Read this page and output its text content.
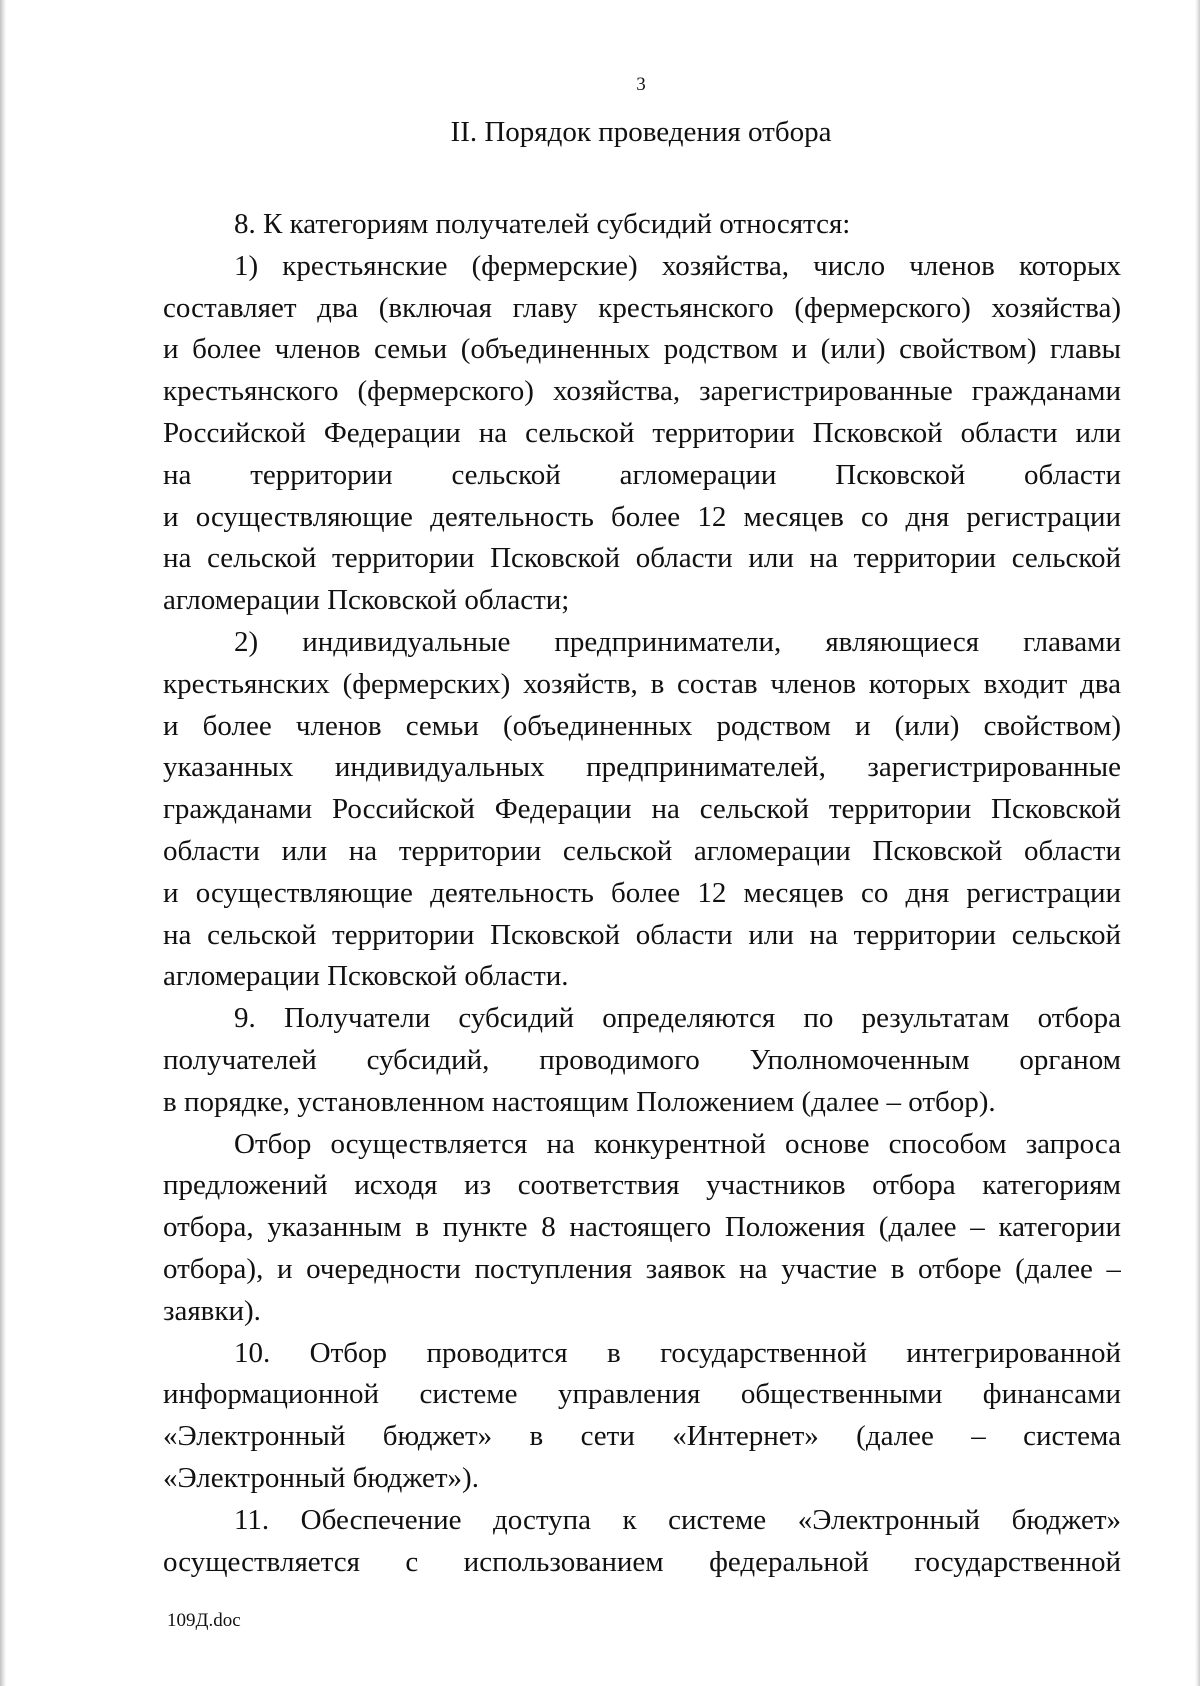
3
II. Порядок проведения отбора
8. К категориям получателей субсидий относятся:
1) крестьянские (фермерские) хозяйства, число членов которых
составляет два (включая главу крестьянского (фермерского) хозяйства)
и более членов семьи (объединенных родством и (или) свойством) главы
крестьянского (фермерского) хозяйства, зарегистрированные гражданами
Российской Федерации на сельской территории Псковской области или
на территории сельской агломерации Псковской области
и осуществляющие деятельность более 12 месяцев со дня регистрации
на сельской территории Псковской области или на территории сельской
агломерации Псковской области;
2) индивидуальные предприниматели, являющиеся главами
крестьянских (фермерских) хозяйств, в состав членов которых входит два
и более членов семьи (объединенных родством и (или) свойством)
указанных индивидуальных предпринимателей, зарегистрированные
гражданами Российской Федерации на сельской территории Псковской
области или на территории сельской агломерации Псковской области
и осуществляющие деятельность более 12 месяцев со дня регистрации
на сельской территории Псковской области или на территории сельской
агломерации Псковской области.
9. Получатели субсидий определяются по результатам отбора
получателей субсидий, проводимого Уполномоченным органом
в порядке, установленном настоящим Положением (далее – отбор).
Отбор осуществляется на конкурентной основе способом запроса
предложений исходя из соответствия участников отбора категориям
отбора, указанным в пункте 8 настоящего Положения (далее – категории
отбора), и очередности поступления заявок на участие в отборе (далее –
заявки).
10. Отбор проводится в государственной интегрированной
информационной системе управления общественными финансами
«Электронный бюджет» в сети «Интернет» (далее – система
«Электронный бюджет»).
11. Обеспечение доступа к системе «Электронный бюджет»
осуществляется с использованием федеральной государственной
109Д.doc
